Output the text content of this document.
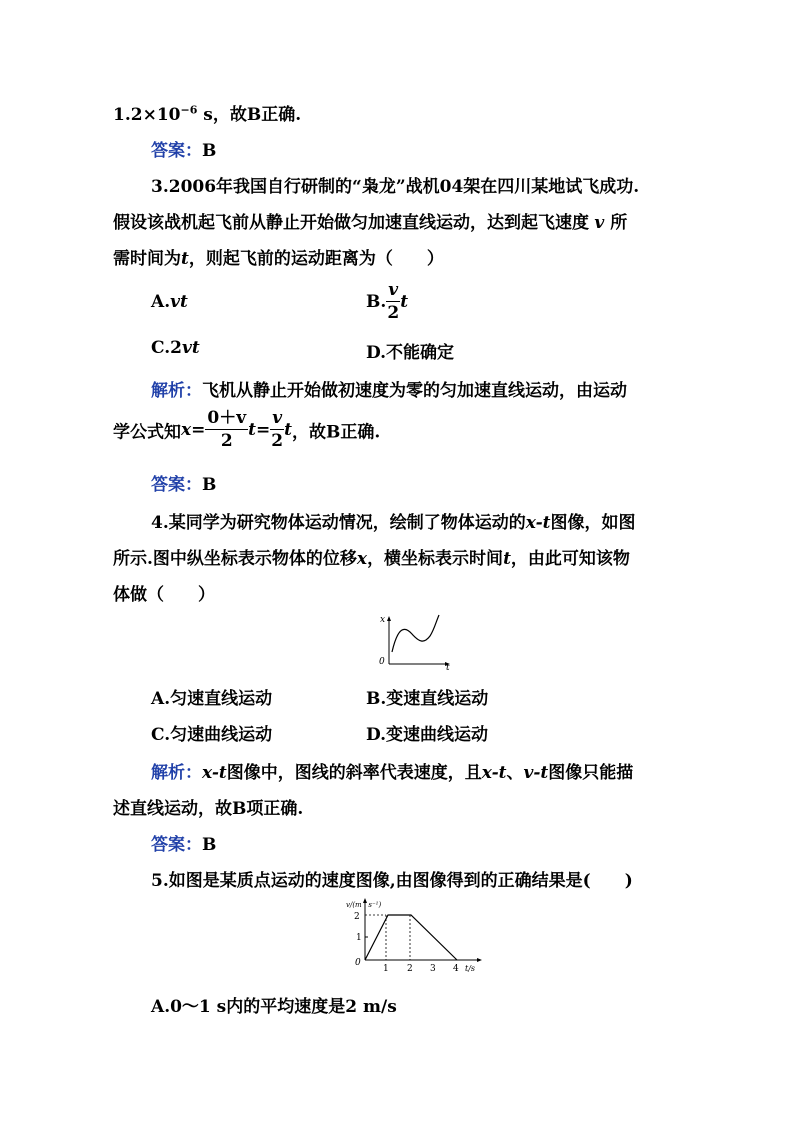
$1.2\times 10^{-6}$ s，故B正确.
答案：B
3.2006年我国自行研制的“枭龙”战机04架在四川某地试飞成功.
假设该战机起飞前从静止开始做匀加速直线运动，达到起飞速度 v 所
需时间为t，则起飞前的运动距离为（　　）
A.vt	B. $\frac{v}{2}$ t
C.2vt	D.不能确定
解析：飞机从静止开始做初速度为零的匀加速直线运动，由运动
学公式知$x= \frac{0+v}{2} t= \frac{v}{2}$ t，故B正确.
答案：B
4.某同学为研究物体运动情况，绘制了物体运动的x-t图像，如图
所示.图中纵坐标表示物体的位移x，横坐标表示时间t，由此可知该物
体做（　　）
x
t
0
A.匀速直线运动	B.变速直线运动
C.匀速曲线运动	D.变速曲线运动
解析：x-t图像中，图线的斜率代表速度，且x-t、v-t图像只能描
述直线运动，故B项正确.
答案：B
5.如图是某质点运动的速度图像,由图像得到的正确结果是(　　)
v/(m · s⁻¹)
2
1
0
1 2 3 4 t/s
A.0～1 s内的平均速度是2 m/s
